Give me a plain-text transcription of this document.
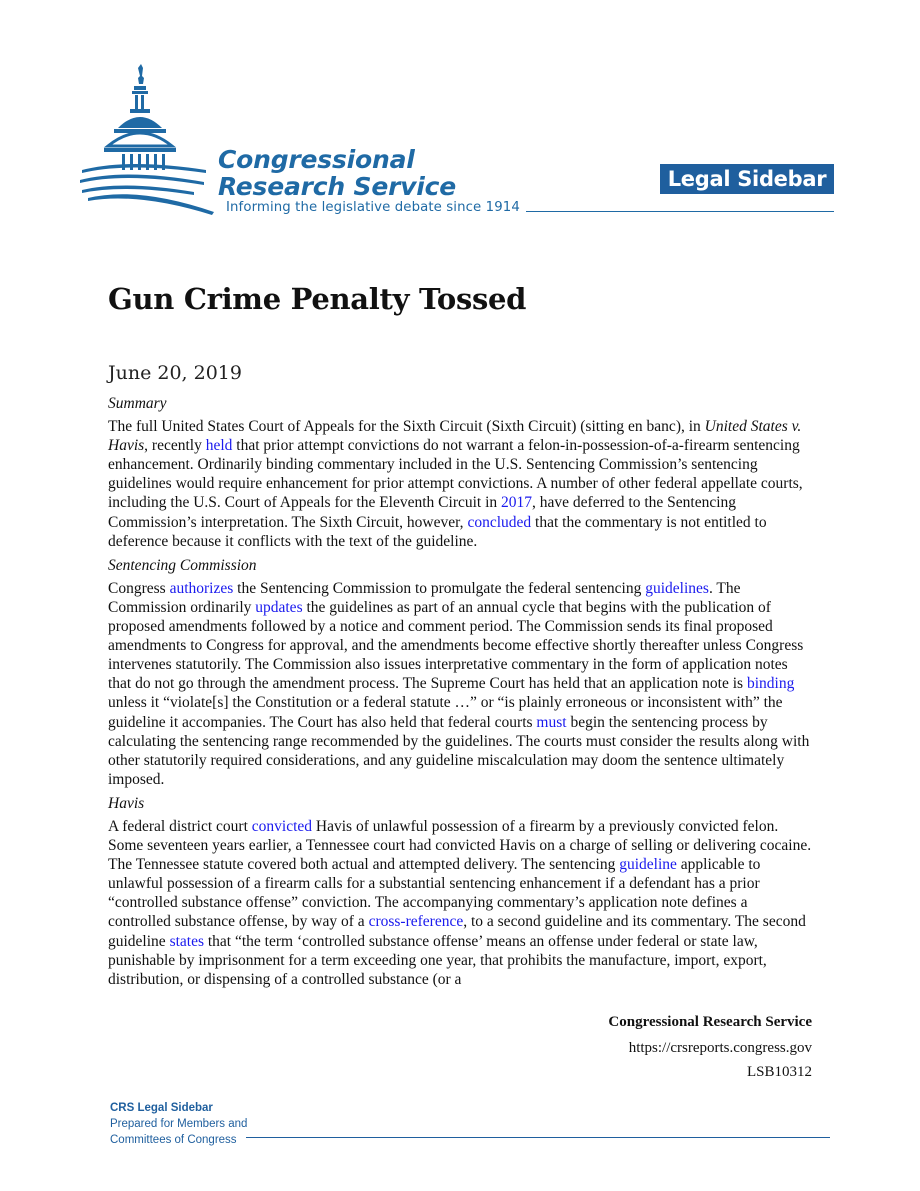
Congressional
Research Service
Informing the legislative debate since 1914
Legal Sidebar
Gun Crime Penalty Tossed
June 20, 2019

Summary

The full United States Court of Appeals for the Sixth Circuit (Sixth Circuit) (sitting en banc), in United States v. Havis, recently held that prior attempt convictions do not warrant a felon-in-possession-of-a-firearm sentencing enhancement. Ordinarily binding commentary included in the U.S. Sentencing Commission’s sentencing guidelines would require enhancement for prior attempt convictions. A number of other federal appellate courts, including the U.S. Court of Appeals for the Eleventh Circuit in 2017, have deferred to the Sentencing Commission’s interpretation. The Sixth Circuit, however, concluded that the commentary is not entitled to deference because it conflicts with the text of the guideline.

Sentencing Commission

Congress authorizes the Sentencing Commission to promulgate the federal sentencing guidelines. The Commission ordinarily updates the guidelines as part of an annual cycle that begins with the publication of proposed amendments followed by a notice and comment period. The Commission sends its final proposed amendments to Congress for approval, and the amendments become effective shortly thereafter unless Congress intervenes statutorily. The Commission also issues interpretative commentary in the form of application notes that do not go through the amendment process. The Supreme Court has held that an application note is binding unless it “violate[s] the Constitution or a federal statute …” or “is plainly erroneous or inconsistent with” the guideline it accompanies. The Court has also held that federal courts must begin the sentencing process by calculating the sentencing range recommended by the guidelines. The courts must consider the results along with other statutorily required considerations, and any guideline miscalculation may doom the sentence ultimately imposed.

Havis

A federal district court convicted Havis of unlawful possession of a firearm by a previously convicted felon. Some seventeen years earlier, a Tennessee court had convicted Havis on a charge of selling or delivering cocaine. The Tennessee statute covered both actual and attempted delivery. The sentencing guideline applicable to unlawful possession of a firearm calls for a substantial sentencing enhancement if a defendant has a prior “controlled substance offense” conviction. The accompanying commentary’s application note defines a controlled substance offense, by way of a cross-reference, to a second guideline and its commentary. The second guideline states that “the term ‘controlled substance offense’ means an offense under federal or state law, punishable by imprisonment for a term exceeding one year, that prohibits the manufacture, import, export, distribution, or dispensing of a controlled substance (or a

Congressional Research Service
https://crsreports.congress.gov
LSB10312
CRS Legal Sidebar
Prepared for Members and
Committees of Congress
